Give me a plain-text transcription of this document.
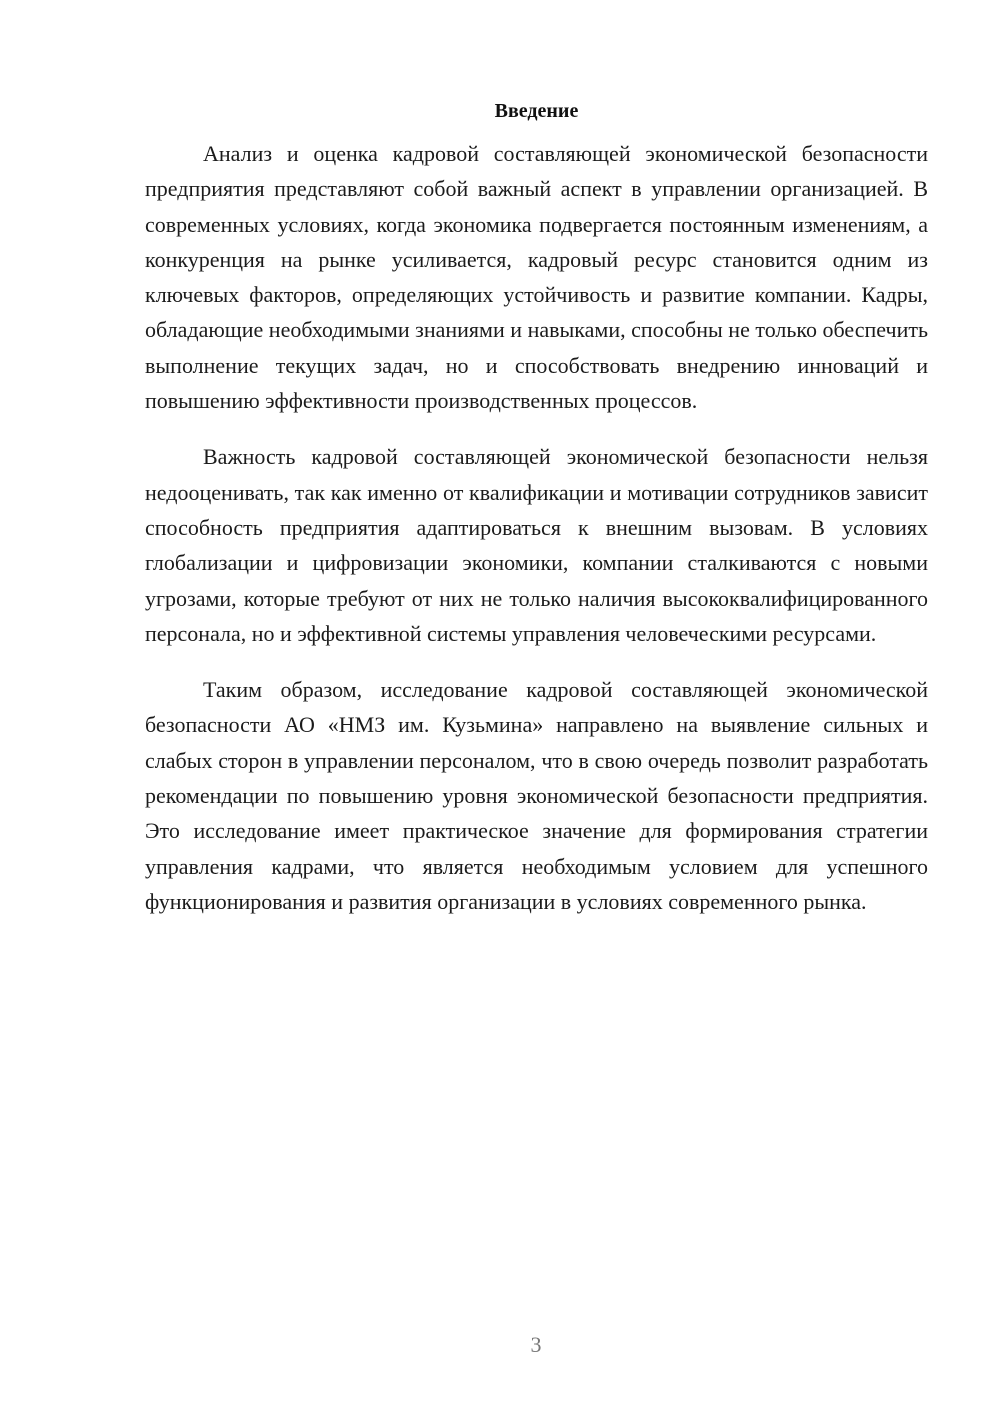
Введение

Анализ и оценка кадровой составляющей экономической безопасности предприятия представляют собой важный аспект в управлении организацией. В современных условиях, когда экономика подвергается постоянным изменениям, а конкуренция на рынке усиливается, кадровый ресурс становится одним из ключевых факторов, определяющих устойчивость и развитие компании. Кадры, обладающие необходимыми знаниями и навыками, способны не только обеспечить выполнение текущих задач, но и способствовать внедрению инноваций и повышению эффективности производственных процессов.

Важность кадровой составляющей экономической безопасности нельзя недооценивать, так как именно от квалификации и мотивации сотрудников зависит способность предприятия адаптироваться к внешним вызовам. В условиях глобализации и цифровизации экономики, компании сталкиваются с новыми угрозами, которые требуют от них не только наличия высококвалифицированного персонала, но и эффективной системы управления человеческими ресурсами.

Таким образом, исследование кадровой составляющей экономической безопасности АО «НМЗ им. Кузьмина» направлено на выявление сильных и слабых сторон в управлении персоналом, что в свою очередь позволит разработать рекомендации по повышению уровня экономической безопасности предприятия. Это исследование имеет практическое значение для формирования стратегии управления кадрами, что является необходимым условием для успешного функционирования и развития организации в условиях современного рынка.

3
